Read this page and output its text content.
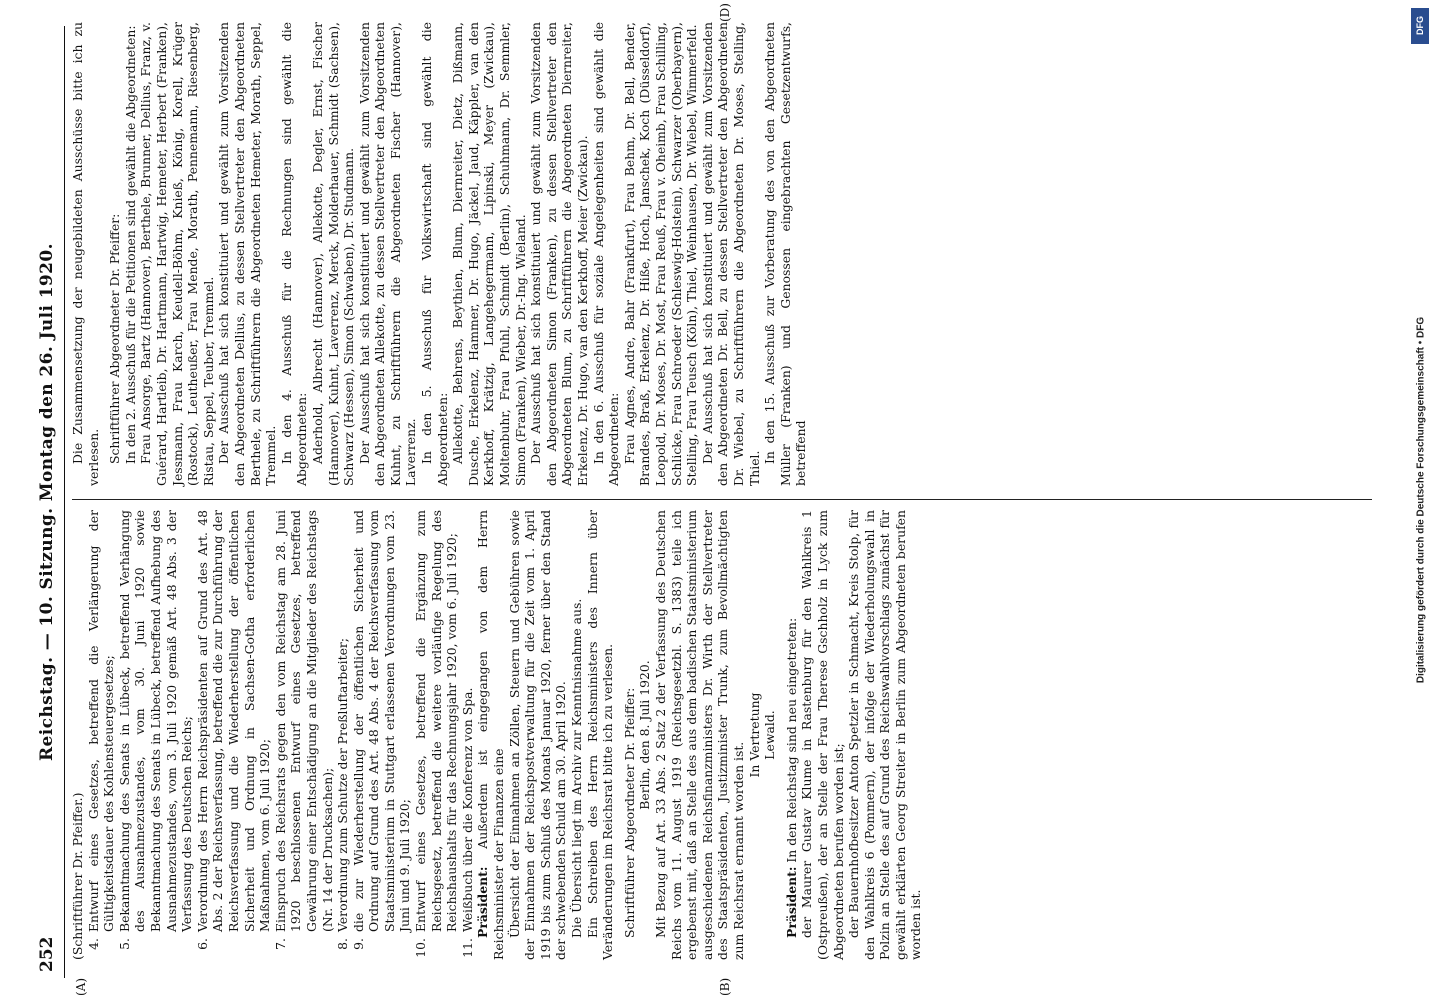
252
Reichstag. — 10. Sitzung. Montag den 26. Juli 1920.
(A)	(B)
(D)

(Schriftführer Dr. Pfeiffer.) 4.
Entwurf eines Gesetzes, betreffend die Verlängerung der Gültigkeitsdauer des Kohlensteuergesetzes;
5.
Bekanntmachung des Senats in Lübeck, betreffend Verhängung des Ausnahmezustandes, vom 30. Juni 1920 sowie Bekanntmachung des Senats in Lübeck, betreffend Aufhebung des Ausnahmezustandes, vom 3. Juli 1920 gemäß Art. 48 Abs. 3 der Verfassung des Deutschen Reichs;
6.
Verordnung des Herrn Reichspräsidenten auf Grund des Art. 48 Abs. 2 der Reichsverfassung, betreffend die zur Durchführung der Reichsverfassung und die Wiederherstellung der öffentlichen Sicherheit und Ordnung in Sachsen-Gotha erforderlichen Maßnahmen, vom 6. Juli 1920;
7.
Einspruch des Reichsrats gegen den vom Reichstag am 28. Juni 1920 beschlossenen Entwurf eines Gesetzes, betreffend Gewährung einer Entschädigung an die Mitglieder des Reichstags (Nr. 14 der Drucksachen);
8.
Verordnung zum Schutze der Preßluftarbeiter;
9.
die zur Wiederherstellung der öffentlichen Sicherheit und Ordnung auf Grund des Art. 48 Abs. 4 der Reichsverfassung vom Staatsministerium in Stuttgart erlassenen Verordnungen vom 23. Juni und 9. Juli 1920;
10.
Entwurf eines Gesetzes, betreffend die Ergänzung zum Reichsgesetz, betreffend die weitere vorläufige Regelung des Reichshaushalts für das Rechnungsjahr 1920, vom 6. Juli 1920;
11.
Weißbuch über die Konferenz von Spa. Präsident: Außerdem ist eingegangen von dem Herrn Reichsminister der Finanzen eine Übersicht der Einnahmen an Zöllen, Steuern und Gebühren sowie der Einnahmen der Reichspostverwaltung für die Zeit vom 1. April 1919 bis zum Schluß des Monats Januar 1920, ferner über den Stand der schwebenden Schuld am 30. April 1920. Die Übersicht liegt im Archiv zur Kenntnisnahme aus. Ein Schreiben des Herrn Reichsministers des Innern über Veränderungen im Reichsrat bitte ich zu verlesen. Schriftführer Abgeordneter Dr. Pfeiffer: Berlin, den 8. Juli 1920. Mit Bezug auf Art. 33 Abs. 2 Satz 2 der Verfassung des Deutschen Reichs vom 11. August 1919 (Reichsgesetzbl. S. 1383) teile ich ergebenst mit, daß an Stelle des aus dem badischen Staatsministerium ausgeschiedenen Reichsfinanzministers Dr. Wirth der Stellvertreter des Staatspräsidenten, Justizminister Trunk, zum Bevollmächtigten zum Reichsrat ernannt worden ist.

In Vertretung Lewald.

Präsident: In den Reichstag sind neu eingetreten: der Maurer Gustav Klume in Rastenburg für den Wahlkreis 1 (Ostpreußen), der an Stelle der Frau Therese Gschholz in Lyck zum Abgeordneten berufen worden ist; der Bauernhofbesitzer Anton Spetzler in Schmacht, Kreis Stolp, für den Wahlkreis 6 (Pommern), der infolge der Wiederholungswahl in Polzin an Stelle des auf Grund des Reichswahlvorschlags zunächst für gewählt erklärten Georg Streiter in Berlin zum Abgeordneten berufen worden ist.

Die Zusammensetzung der neugebildeten Ausschüsse bitte ich zu verlesen. Schriftführer Abgeordneter Dr. Pfeiffer: In den 2. Ausschuß für die Petitionen sind gewählt die Abgeordneten: Frau Ansorge, Bartz (Hannover), Berthele, Brunner, Dellius, Franz, v. Guérard, Hartleib, Dr. Hartmann, Hartwig, Hemeter, Herbert (Franken), Jessmann, Frau Karch, Keudell-Böhm, Knieß, König, Korell, Krüger (Rostock), Leutheußer, Frau Mende, Morath, Pennemann, Riesenberg, Ristau, Seppel, Teuber, Tremmel. Der Ausschuß hat sich konstituiert und gewählt zum Vorsitzenden den Abgeordneten Dellius, zu dessen Stellvertreter den Abgeordneten Berthele, zu Schriftführern die Abgeordneten Hemeter, Morath, Seppel, Tremmel. In den 4. Ausschuß für die Rechnungen sind gewählt die Abgeordneten: Aderhold, Albrecht (Hannover), Allekotte, Degler, Ernst, Fischer (Hannover), Kuhnt, Laverrenz, Merck, Molderhauer, Schmidt (Sachsen), Schwarz (Hessen), Simon (Schwaben), Dr. Studmann. Der Ausschuß hat sich konstituiert und gewählt zum Vorsitzenden den Abgeordneten Allekotte, zu dessen Stellvertreter den Abgeordneten Kuhnt, zu Schriftführern die Abgeordneten Fischer (Hannover), Laverrenz. In den 5. Ausschuß für Volkswirtschaft sind gewählt die Abgeordneten: Allekotte, Behrens, Beythien, Blum, Diernreiter, Dietz, Dißmann, Dusche, Erkelenz, Hammer, Dr. Hugo, Jäckel, Jaud, Käppler, van den Kerkhoff, Krätzig, Langehegermann, Lipinski, Meyer (Zwickau), Moltenbuhr, Frau Pfuhl, Schmidt (Berlin), Schuhmann, Dr. Semmler, Simon (Franken), Wieber, Dr.-Ing. Wieland. Der Ausschuß hat sich konstituiert und gewählt zum Vorsitzenden den Abgeordneten Simon (Franken), zu dessen Stellvertreter den Abgeordneten Blum, zu Schriftführern die Abgeordneten Diernreiter, Erkelenz, Dr. Hugo, van den Kerkhoff, Meier (Zwickau). In den 6. Ausschuß für soziale Angelegenheiten sind gewählt die Abgeordneten: Frau Agnes, Andre, Bahr (Frankfurt), Frau Behm, Dr. Bell, Bender, Brandes, Braß, Erkelenz, Dr. Hiße, Hoch, Janschek, Koch (Düsseldorf), Leopold, Dr. Moses, Dr. Most, Frau Reuß, Frau v. Oheimb, Frau Schilling, Schlicke, Frau Schroeder (Schleswig-Holstein), Schwarzer (Oberbayern), Stelling, Frau Teusch (Köln), Thiel, Weinhausen, Dr. Wiebel, Wimmerfeld. Der Ausschuß hat sich konstituiert und gewählt zum Vorsitzenden den Abgeordneten Dr. Bell, zu dessen Stellvertreter den Abgeordneten Dr. Wiebel, zu Schriftführern die Abgeordneten Dr. Moses, Stelling, Thiel.

In den 15. Ausschuß zur Vorberatung des von den Abgeordneten Müller (Franken) und Genossen eingebrachten Gesetzentwurfs, betreffend

DFG
Digitalisierung gefördert durch die Deutsche Forschungsgemeinschaft • DFG
